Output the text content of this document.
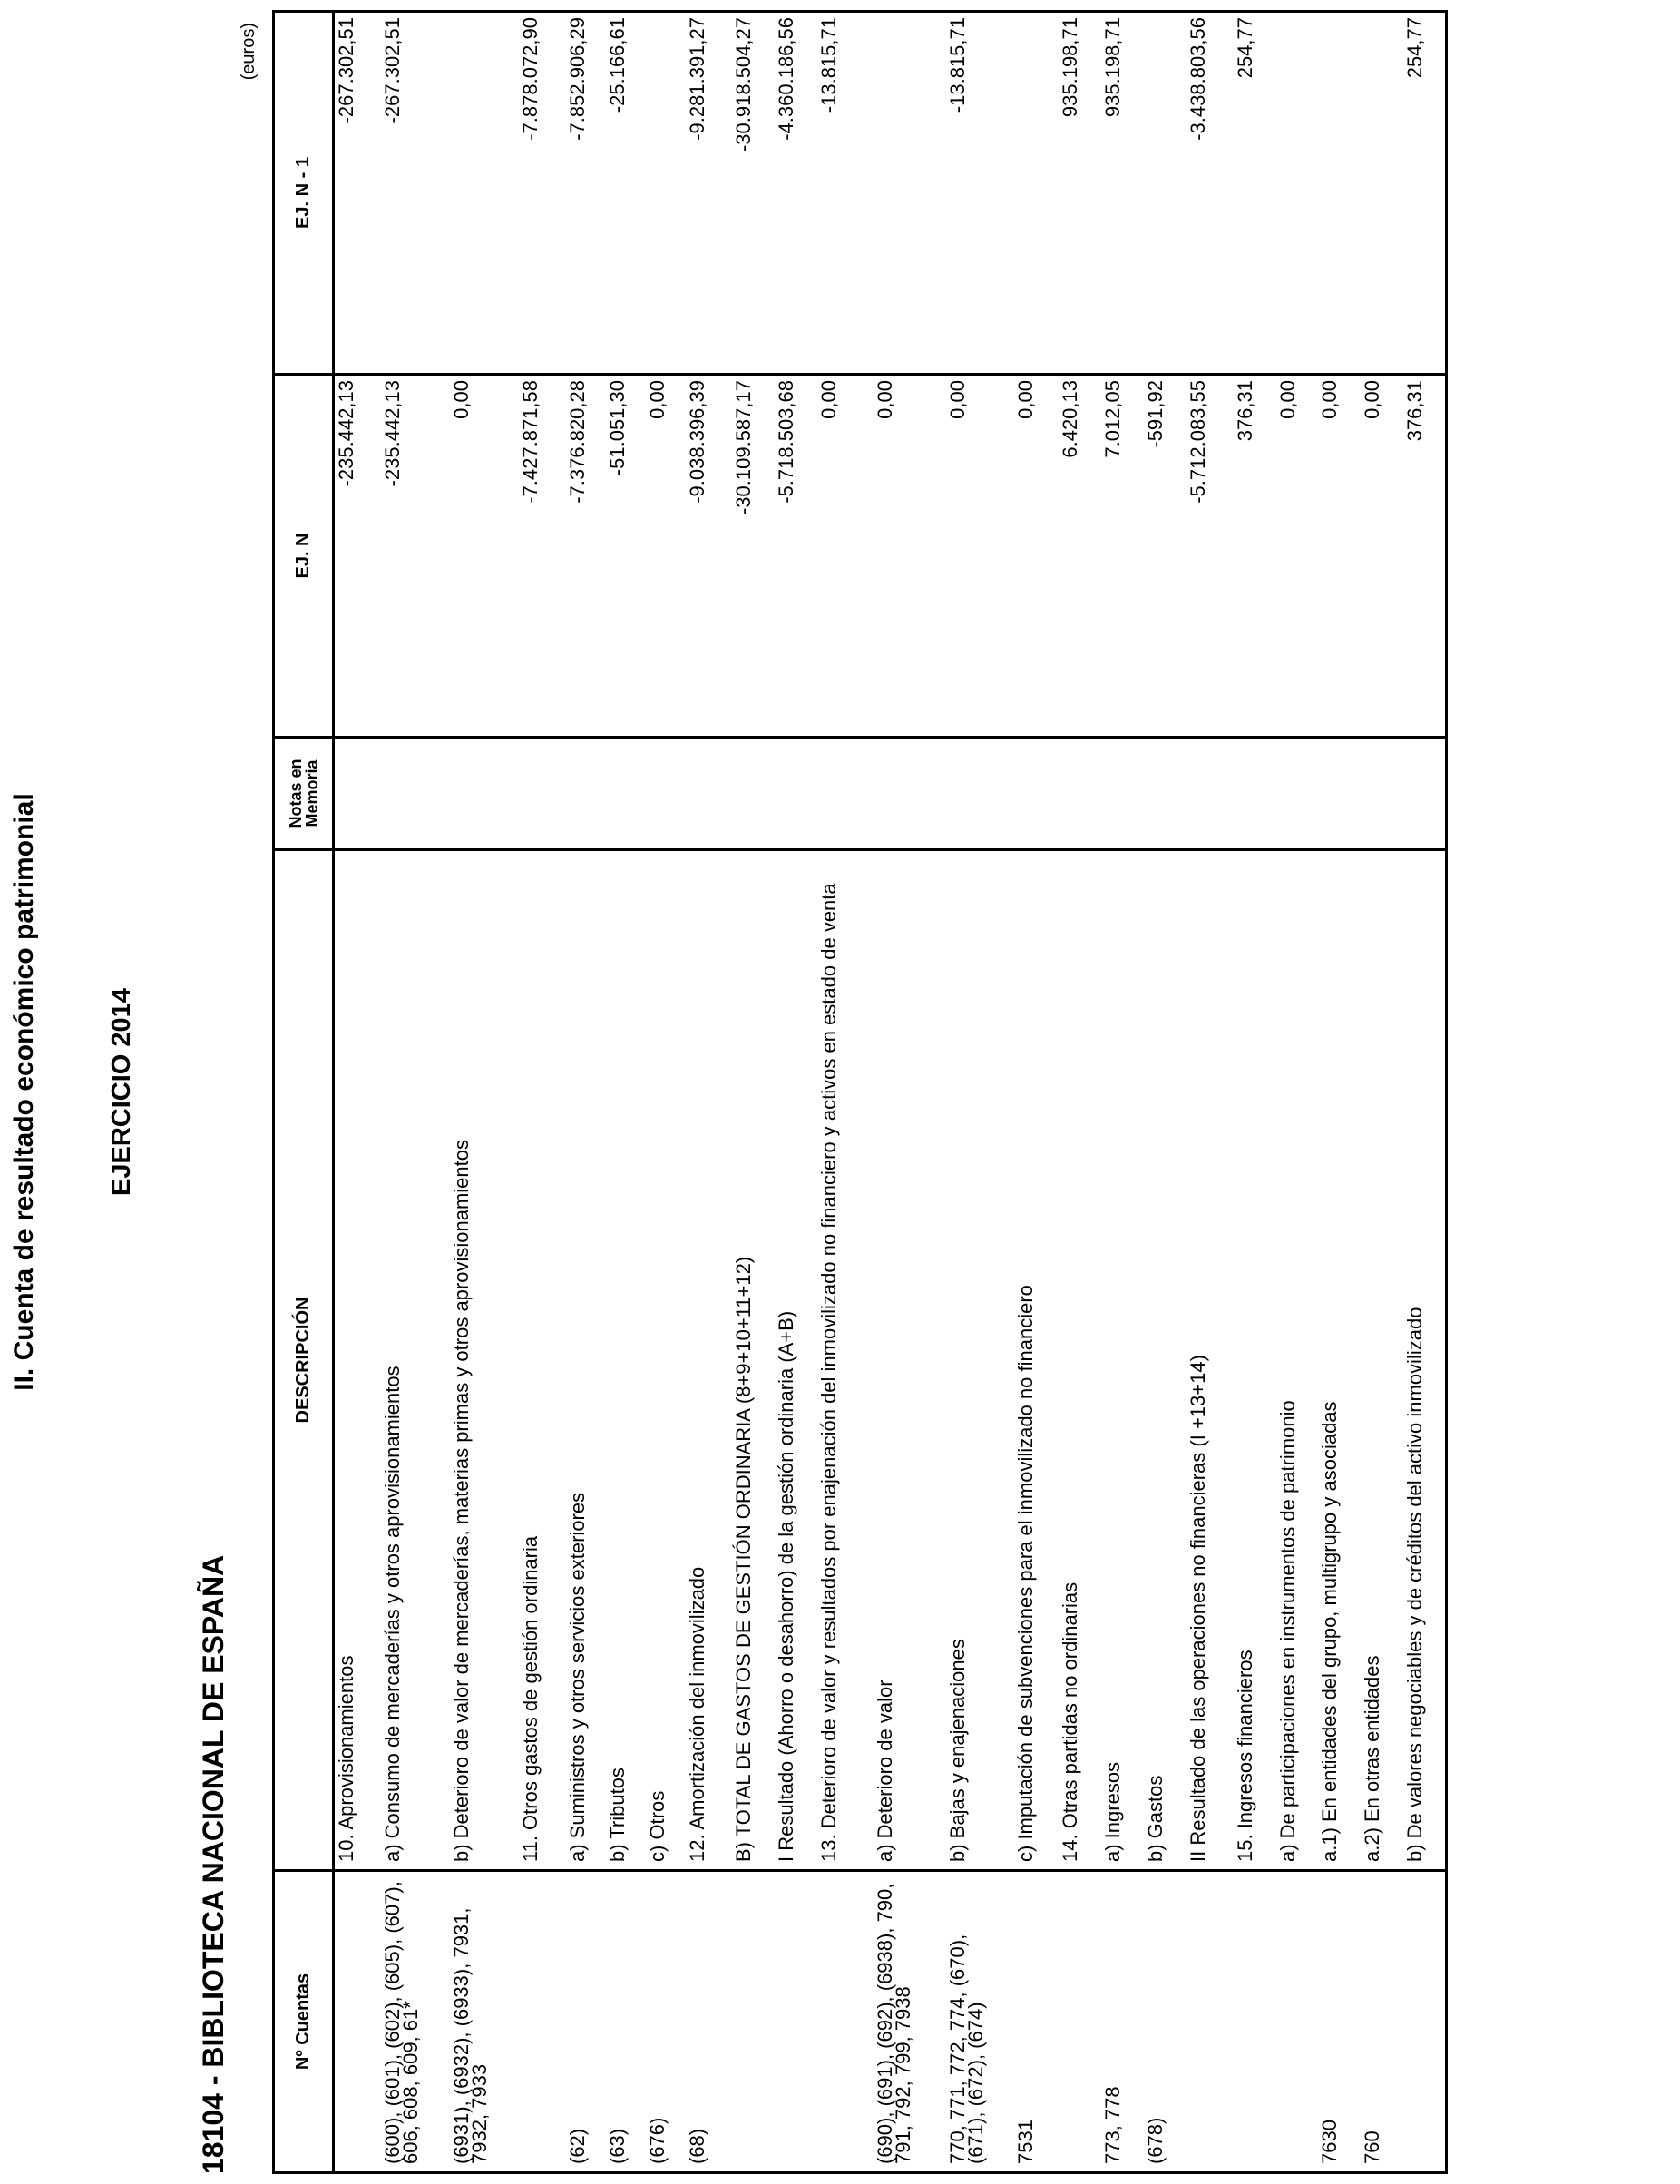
II. Cuenta de resultado económico patrimonial	EJERCICIO 2014
18104 - BIBLIOTECA NACIONAL DE ESPAÑA
(euros)
Nº Cuentas	DESCRIPCIÓN	Notas en Memoria	EJ. N	EJ. N - 1
	10. Aprovisionamientos		-235.442,13	-267.302,51
(600), (601), (602), (605), (607), 606, 608, 609, 61*	a) Consumo de mercaderías y otros aprovisionamientos		-235.442,13	-267.302,51
(6931), (6932), (6933), 7931, 7932, 7933	b) Deterioro de valor de mercaderías, materias primas y otros aprovisionamientos		0,00	
	11. Otros gastos de gestión ordinaria		-7.427.871,58	-7.878.072,90
(62)	a) Suministros y otros servicios exteriores		-7.376.820,28	-7.852.906,29
(63)	b) Tributos		-51.051,30	-25.166,61
(676)	c) Otros		0,00	
(68)	12. Amortización del inmovilizado		-9.038.396,39	-9.281.391,27
	B) TOTAL DE GASTOS DE GESTIÓN ORDINARIA (8+9+10+11+12)		-30.109.587,17	-30.918.504,27
	I Resultado (Ahorro o desahorro) de la gestión ordinaria (A+B)		-5.718.503,68	-4.360.186,56
	13. Deterioro de valor y resultados por enajenación del inmovilizado no financiero y activos en estado de venta		0,00	-13.815,71
(690), (691), (692), (6938), 790, 791, 792, 799, 7938	a) Deterioro de valor		0,00	
770, 771, 772, 774, (670), (671), (672), (674)	b) Bajas y enajenaciones		0,00	-13.815,71
7531	c) Imputación de subvenciones para el inmovilizado no financiero		0,00	
	14. Otras partidas no ordinarias		6.420,13	935.198,71
773, 778	a) Ingresos		7.012,05	935.198,71
(678)	b) Gastos		-591,92	
	II Resultado de las operaciones no financieras (I +13+14)		-5.712.083,55	-3.438.803,56
	15. Ingresos financieros		376,31	254,77
	a) De participaciones en instrumentos de patrimonio		0,00	
7630	a.1) En entidades del grupo, multigrupo y asociadas		0,00	
760	a.2) En otras entidades		0,00	
	b) De valores negociables y de créditos del activo inmovilizado		376,31	254,77
